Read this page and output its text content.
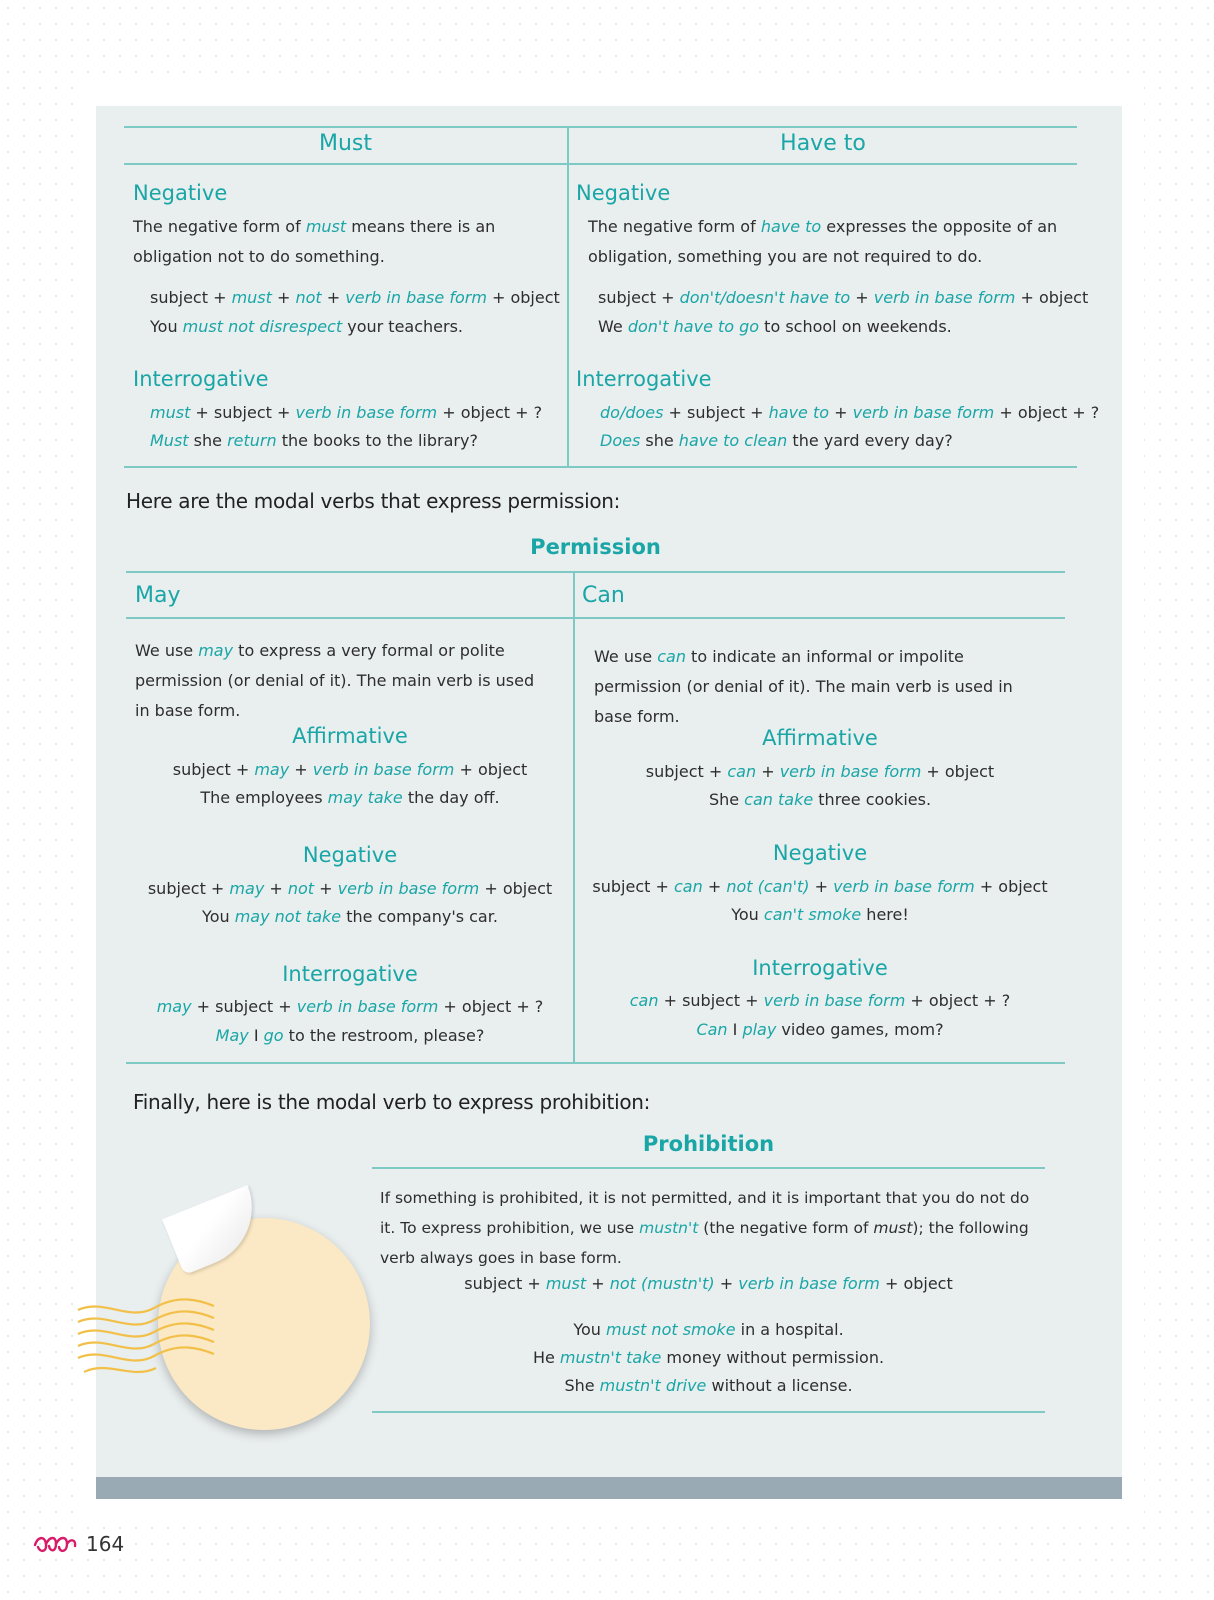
Must	Have to
Negative
The negative form of must means there is an obligation not to do something.
subject + must + not + verb in base form + object
You must not disrespect your teachers.
Interrogative
must + subject + verb in base form + object + ?
Must she return the books to the library?
Negative
The negative form of have to expresses the opposite of an obligation, something you are not required to do.
subject + don't/doesn't have to + verb in base form + object
We don't have to go to school on weekends.
Interrogative
do/does + subject + have to + verb in base form + object + ?
Does she have to clean the yard every day?
Here are the modal verbs that express permission:
Permission
May	Can
We use may to express a very formal or polite permission (or denial of it). The main verb is used in base form.
We use can to indicate an informal or impolite permission (or denial of it). The main verb is used in base form.
Affirmative
subject + may + verb in base form + object
The employees may take the day off.
Negative
subject + may + not + verb in base form + object
You may not take the company's car.
Interrogative
may + subject + verb in base form + object + ?
May I go to the restroom, please?
Affirmative
subject + can + verb in base form + object
She can take three cookies.
Negative
subject + can + not (can't) + verb in base form + object
You can't smoke here!
Interrogative
can + subject + verb in base form + object + ?
Can I play video games, mom?
Finally, here is the modal verb to express prohibition:
Prohibition
If something is prohibited, it is not permitted, and it is important that you do not do it. To express prohibition, we use mustn't (the negative form of must); the following verb always goes in base form.
subject + must + not (mustn't) + verb in base form + object
You must not smoke in a hospital.
He mustn't take money without permission.
She mustn't drive without a license.
164
